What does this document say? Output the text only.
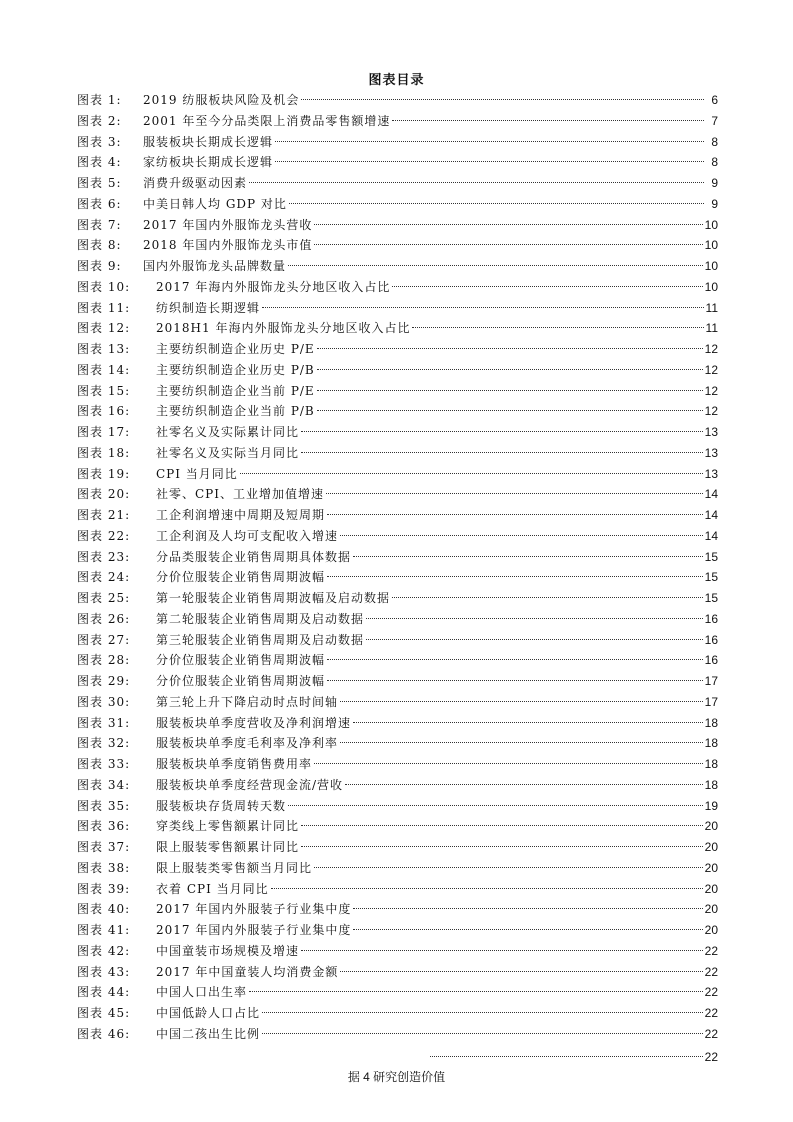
图表目录
图表 1:	2019 纺服板块风险及机会	6
图表 2:	2001 年至今分品类限上消费品零售额增速	7
图表 3:	服装板块长期成长逻辑	8
图表 4:	家纺板块长期成长逻辑	8
图表 5:	消费升级驱动因素	9
图表 6:	中美日韩人均 GDP 对比	9
图表 7:	2017 年国内外服饰龙头营收	10
图表 8:	2018 年国内外服饰龙头市值	10
图表 9:	国内外服饰龙头品牌数量	10
图表 10:	2017 年海内外服饰龙头分地区收入占比	10
图表 11:	纺织制造长期逻辑	11
图表 12:	2018H1 年海内外服饰龙头分地区收入占比	11
图表 13:	主要纺织制造企业历史 P/E	12
图表 14:	主要纺织制造企业历史 P/B	12
图表 15:	主要纺织制造企业当前 P/E	12
图表 16:	主要纺织制造企业当前 P/B	12
图表 17:	社零名义及实际累计同比	13
图表 18:	社零名义及实际当月同比	13
图表 19:	CPI 当月同比	13
图表 20:	社零、CPI、工业增加值增速	14
图表 21:	工企利润增速中周期及短周期	14
图表 22:	工企利润及人均可支配收入增速	14
图表 23:	分品类服装企业销售周期具体数据	15
图表 24:	分价位服装企业销售周期波幅	15
图表 25:	第一轮服装企业销售周期波幅及启动数据	15
图表 26:	第二轮服装企业销售周期及启动数据	16
图表 27:	第三轮服装企业销售周期及启动数据	16
图表 28:	分价位服装企业销售周期波幅	16
图表 29:	分价位服装企业销售周期波幅	17
图表 30:	第三轮上升下降启动时点时间轴	17
图表 31:	服装板块单季度营收及净利润增速	18
图表 32:	服装板块单季度毛利率及净利率	18
图表 33:	服装板块单季度销售费用率	18
图表 34:	服装板块单季度经营现金流/营收	18
图表 35:	服装板块存货周转天数	19
图表 36:	穿类线上零售额累计同比	20
图表 37:	限上服装零售额累计同比	20
图表 38:	限上服装类零售额当月同比	20
图表 39:	衣着 CPI 当月同比	20
图表 40:	2017 年国内外服装子行业集中度	20
图表 41:	2017 年国内外服装子行业集中度	20
图表 42:	中国童装市场规模及增速	22
图表 43:	2017 年中国童装人均消费金额	22
图表 44:	中国人口出生率	22
图表 45:	中国低龄人口占比	22
图表 46:	中国二孩出生比例	22
22
据 4 研究创造价值
